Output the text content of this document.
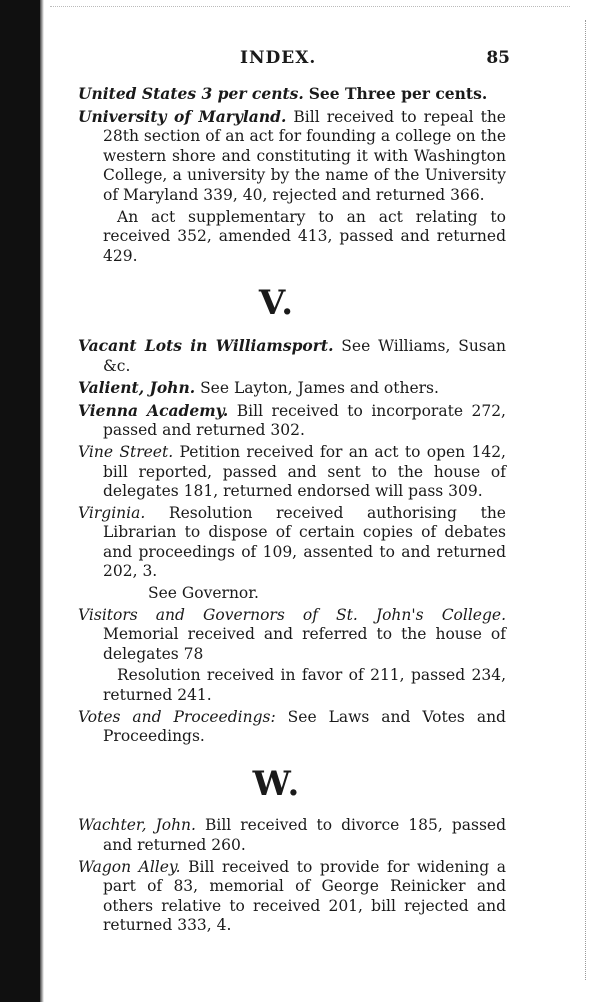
INDEX.	85

United States 3 per cents. See Three per cents.

University of Maryland. Bill received to repeal the 28th section of an act for founding a college on the western shore and constituting it with Washington College, a university by the name of the University of Maryland 339, 40, rejected and returned 366.

An act supplementary to an act relating to received 352, amended 413, passed and returned 429.

V.

Vacant Lots in Williamsport. See Williams, Susan &c.

Valient, John. See Layton, James and others.

Vienna Academy. Bill received to incorporate 272, passed and returned 302.

Vine Street. Petition received for an act to open 142, bill reported, passed and sent to the house of delegates 181, returned endorsed will pass 309.

Virginia. Resolution received authorising the Librarian to dispose of certain copies of debates and proceedings of 109, assented to and returned 202, 3.

See Governor.

Visitors and Governors of St. John's College. Memorial received and referred to the house of delegates 78

Resolution received in favor of 211, passed 234, returned 241.

Votes and Proceedings: See Laws and Votes and Proceedings.

W.

Wachter, John. Bill received to divorce 185, passed and returned 260.

Wagon Alley. Bill received to provide for widening a part of 83, memorial of George Reinicker and others relative to received 201, bill rejected and returned 333, 4.
